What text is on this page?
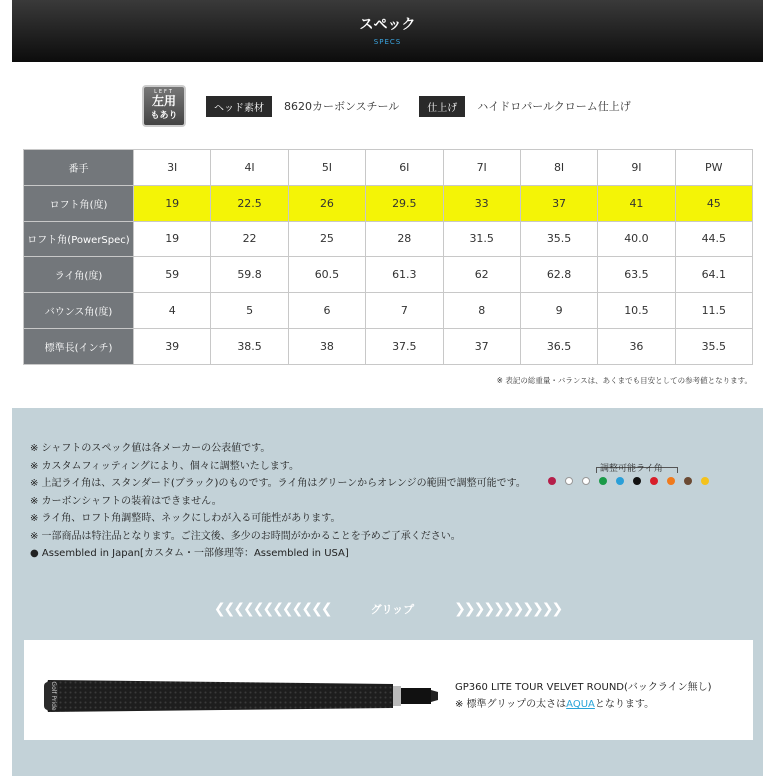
スペック
SPECS
LEFT
左用
もあり
ヘッド素材	8620カーボンスチール	仕上げ	ハイドロパールクローム仕上げ
番手	3I	4I	5I	6I	7I	8I	9I	PW
ロフト角(度)	19	22.5	26	29.5	33	37	41	45
ロフト角(PowerSpec)	19	22	25	28	31.5	35.5	40.0	44.5
ライ角(度)	59	59.8	60.5	61.3	62	62.8	63.5	64.1
バウンス角(度)	4	5	6	7	8	9	10.5	11.5
標準長(インチ)	39	38.5	38	37.5	37	36.5	36	35.5
※ 表記の総重量・バランスは、あくまでも目安としての参考値となります。
※ シャフトのスペック値は各メーカーの公表値です。
※ カスタムフィッティングにより、個々に調整いたします。
※ 上記ライ角は、スタンダード(ブラック)のものです。ライ角はグリーンからオレンジの範囲で調整可能です。
※ カーボンシャフトの装着はできません。
※ ライ角、ロフト角調整時、ネックにしわが入る可能性があります。
※ 一部商品は特注品となります。ご注文後、多少のお時間がかかることを予めご了承ください。
● Assembled in Japan[カスタム・一部修理等：Assembled in USA]
調整可能ライ角
❮❮❮❮❮❮❮❮❮❮❮❮	グリップ	❯❯❯❯❯❯❯❯❯❯❯
Golf Pride	GP360 LITE TOUR VELVET ROUND(バックライン無し)
※ 標準グリップの太さはAQUAとなります。
